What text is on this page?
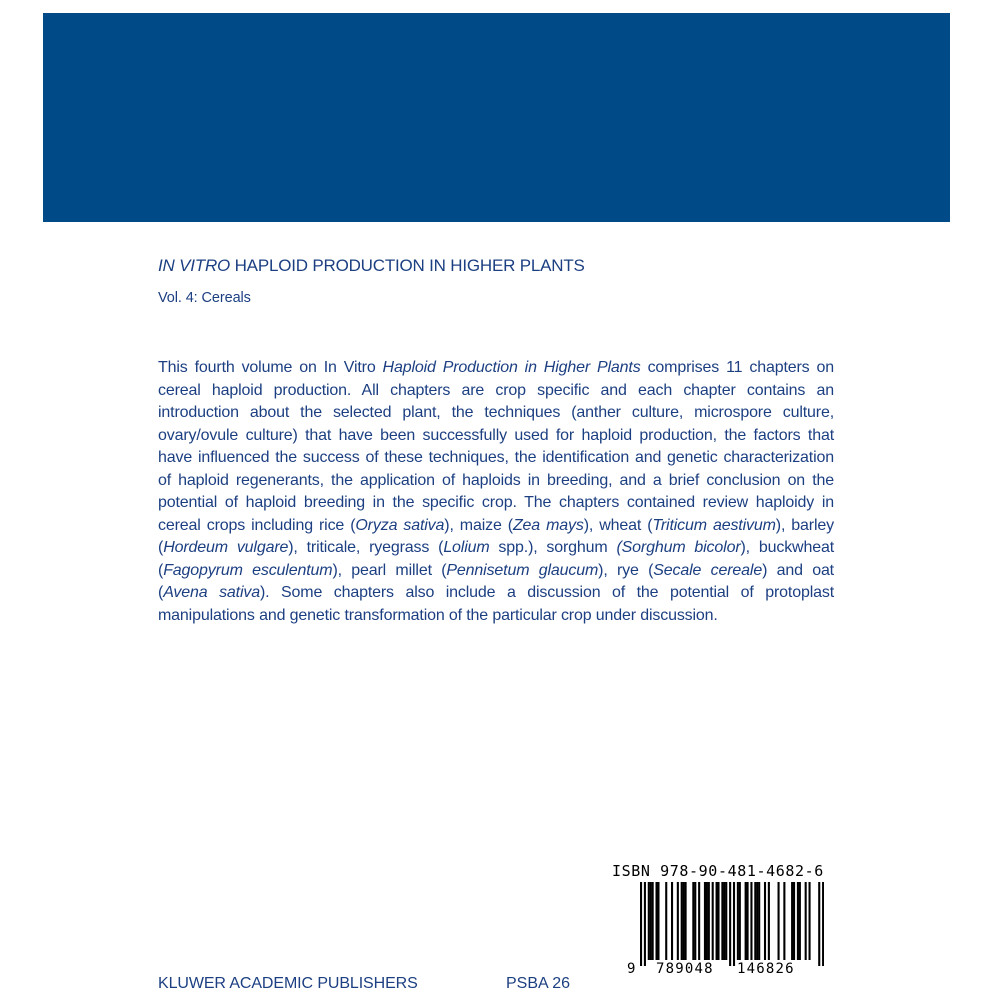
IN VITRO HAPLOID PRODUCTION IN HIGHER PLANTS
Vol. 4: Cereals
This fourth volume on In Vitro Haploid Production in Higher Plants comprises 11 chapters on cereal haploid production. All chapters are crop specific and each chapter contains an introduction about the selected plant, the techniques (anther culture, microspore culture, ovary/ovule culture) that have been successfully used for haploid production, the factors that have influenced the success of these techniques, the identification and genetic characterization of haploid regenerants, the application of haploids in breeding, and a brief conclusion on the potential of haploid breeding in the specific crop. The chapters contained review haploidy in cereal crops including rice (Oryza sativa), maize (Zea mays), wheat (Triticum aestivum), barley (Hordeum vulgare), triticale, ryegrass (Lolium spp.), sorghum (Sorghum bicolor), buckwheat (Fagopyrum esculentum), pearl millet (Pennisetum glaucum), rye (Secale cereale) and oat (Avena sativa). Some chapters also include a discussion of the potential of protoplast manipulations and genetic transformation of the particular crop under discussion.
ISBN 978-90-481-4682-6
9 789048 146826
KLUWER ACADEMIC PUBLISHERS	PSBA 26
